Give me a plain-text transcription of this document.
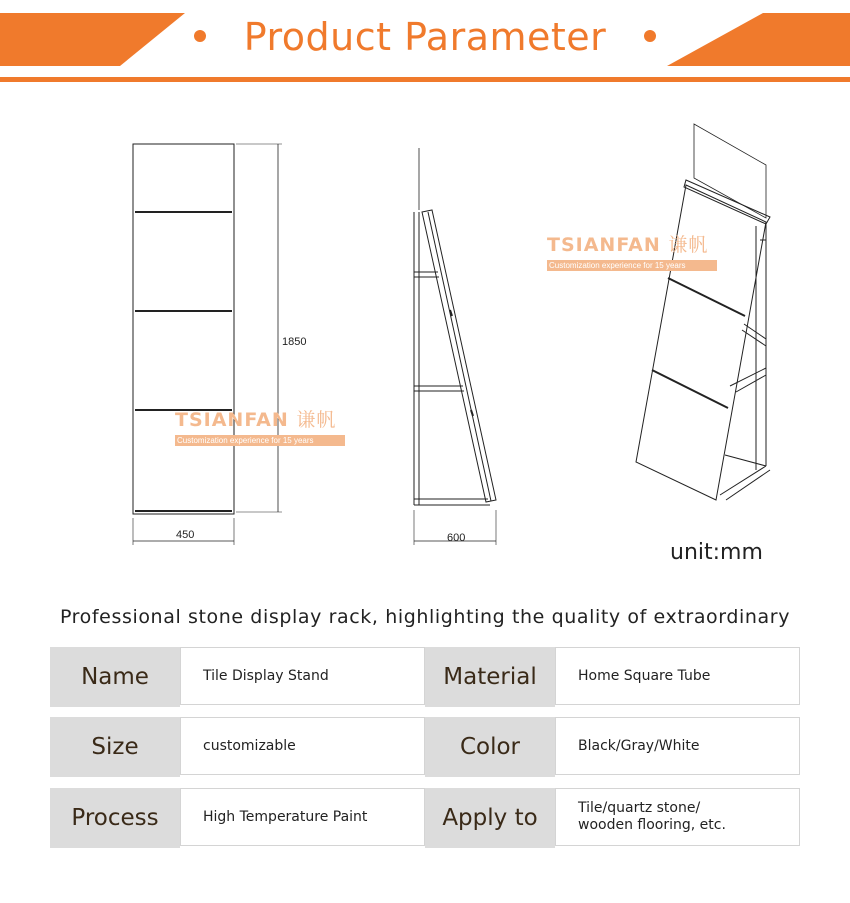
Product Parameter
1850
450	600
TSIANFAN 谦帆
Customization experience for 15 years
TSIANFAN 谦帆
Customization experience for 15 years
unit:mm
Professional stone display rack, highlighting the quality of extraordinary
Name	Tile Display Stand	Material	Home Square Tube
Size	customizable	Color	Black/Gray/White
Process	High Temperature Paint	Apply to	Tile/quartz stone/
wooden flooring, etc.
